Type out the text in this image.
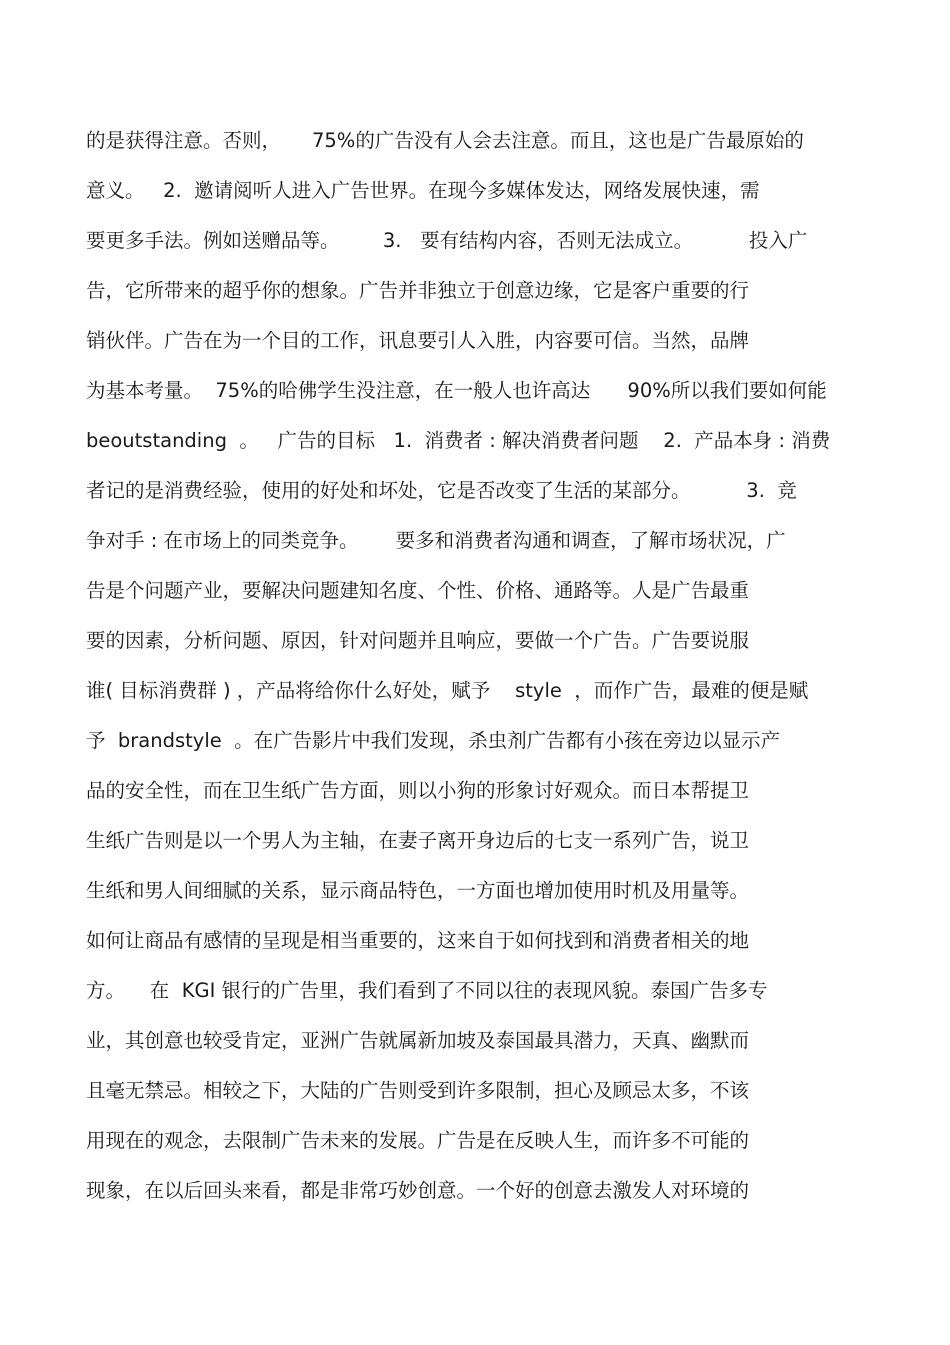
的是获得注意。否则，     75%的广告没有人会去注意。而且，这也是广告最原始的
意义。   2.  邀请阅听人进入广告世界。在现今多媒体发达，网络发展快速，需
要更多手法。例如送赠品等。       3.   要有结构内容，否则无法成立。         投入广
告，它所带来的超乎你的想象。广告并非独立于创意边缘，它是客户重要的行
销伙伴。广告在为一个目的工作，讯息要引人入胜，内容要可信。当然，品牌
为基本考量。  75%的哈佛学生没注意，在一般人也许高达      90%所以我们要如何能
beoutstanding  。   广告的目标   1.  消费者 : 解决消费者问题    2.  产品本身 : 消费
者记的是消费经验，使用的好处和坏处，它是否改变了生活的某部分。         3.  竞
争对手 : 在市场上的同类竞争。      要多和消费者沟通和调查，了解市场状况，广
告是个问题产业，要解决问题建知名度、个性、价格、通路等。人是广告最重
要的因素，分析问题、原因，针对问题并且响应，要做一个广告。广告要说服
谁( 目标消费群 ) ，产品将给你什么好处，赋予    style  ，而作广告，最难的便是赋
予  brandstyle  。在广告影片中我们发现，杀虫剂广告都有小孩在旁边以显示产
品的安全性，而在卫生纸广告方面，则以小狗的形象讨好观众。而日本帮提卫
生纸广告则是以一个男人为主轴，在妻子离开身边后的七支一系列广告，说卫
生纸和男人间细腻的关系，显示商品特色，一方面也增加使用时机及用量等。
如何让商品有感情的呈现是相当重要的，这来自于如何找到和消费者相关的地
方。    在  KGI 银行的广告里，我们看到了不同以往的表现风貌。泰国广告多专
业，其创意也较受肯定，亚洲广告就属新加坡及泰国最具潜力，天真、幽默而
且毫无禁忌。相较之下，大陆的广告则受到许多限制，担心及顾忌太多，不该
用现在的观念，去限制广告未来的发展。广告是在反映人生，而许多不可能的
现象，在以后回头来看，都是非常巧妙创意。一个好的创意去激发人对环境的
